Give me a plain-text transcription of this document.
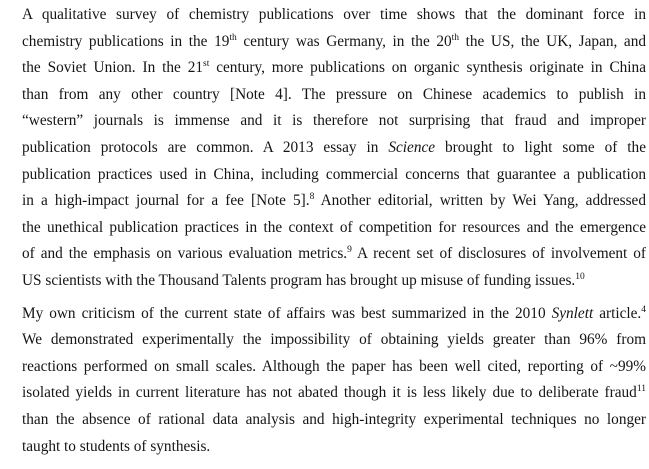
A qualitative survey of chemistry publications over time shows that the dominant force in
chemistry publications in the 19th century was Germany, in the 20th the US, the UK, Japan, and
the Soviet Union. In the 21st century, more publications on organic synthesis originate in China
than from any other country [Note 4]. The pressure on Chinese academics to publish in
“western” journals is immense and it is therefore not surprising that fraud and improper
publication protocols are common. A 2013 essay in Science brought to light some of the
publication practices used in China, including commercial concerns that guarantee a publication
in a high-impact journal for a fee [Note 5].$^8$ Another editorial, written by Wei Yang, addressed
the unethical publication practices in the context of competition for resources and the emergence
of and the emphasis on various evaluation metrics.$^9$ A recent set of disclosures of involvement of
US scientists with the Thousand Talents program has brought up misuse of funding issues.$^{10}$
My own criticism of the current state of affairs was best summarized in the 2010 Synlett article.$^4$
We demonstrated experimentally the impossibility of obtaining yields greater than 96% from
reactions performed on small scales. Although the paper has been well cited, reporting of ~99%
isolated yields in current literature has not abated though it is less likely due to deliberate fraud$^{11}$
than the absence of rational data analysis and high-integrity experimental techniques no longer
taught to students of synthesis.
